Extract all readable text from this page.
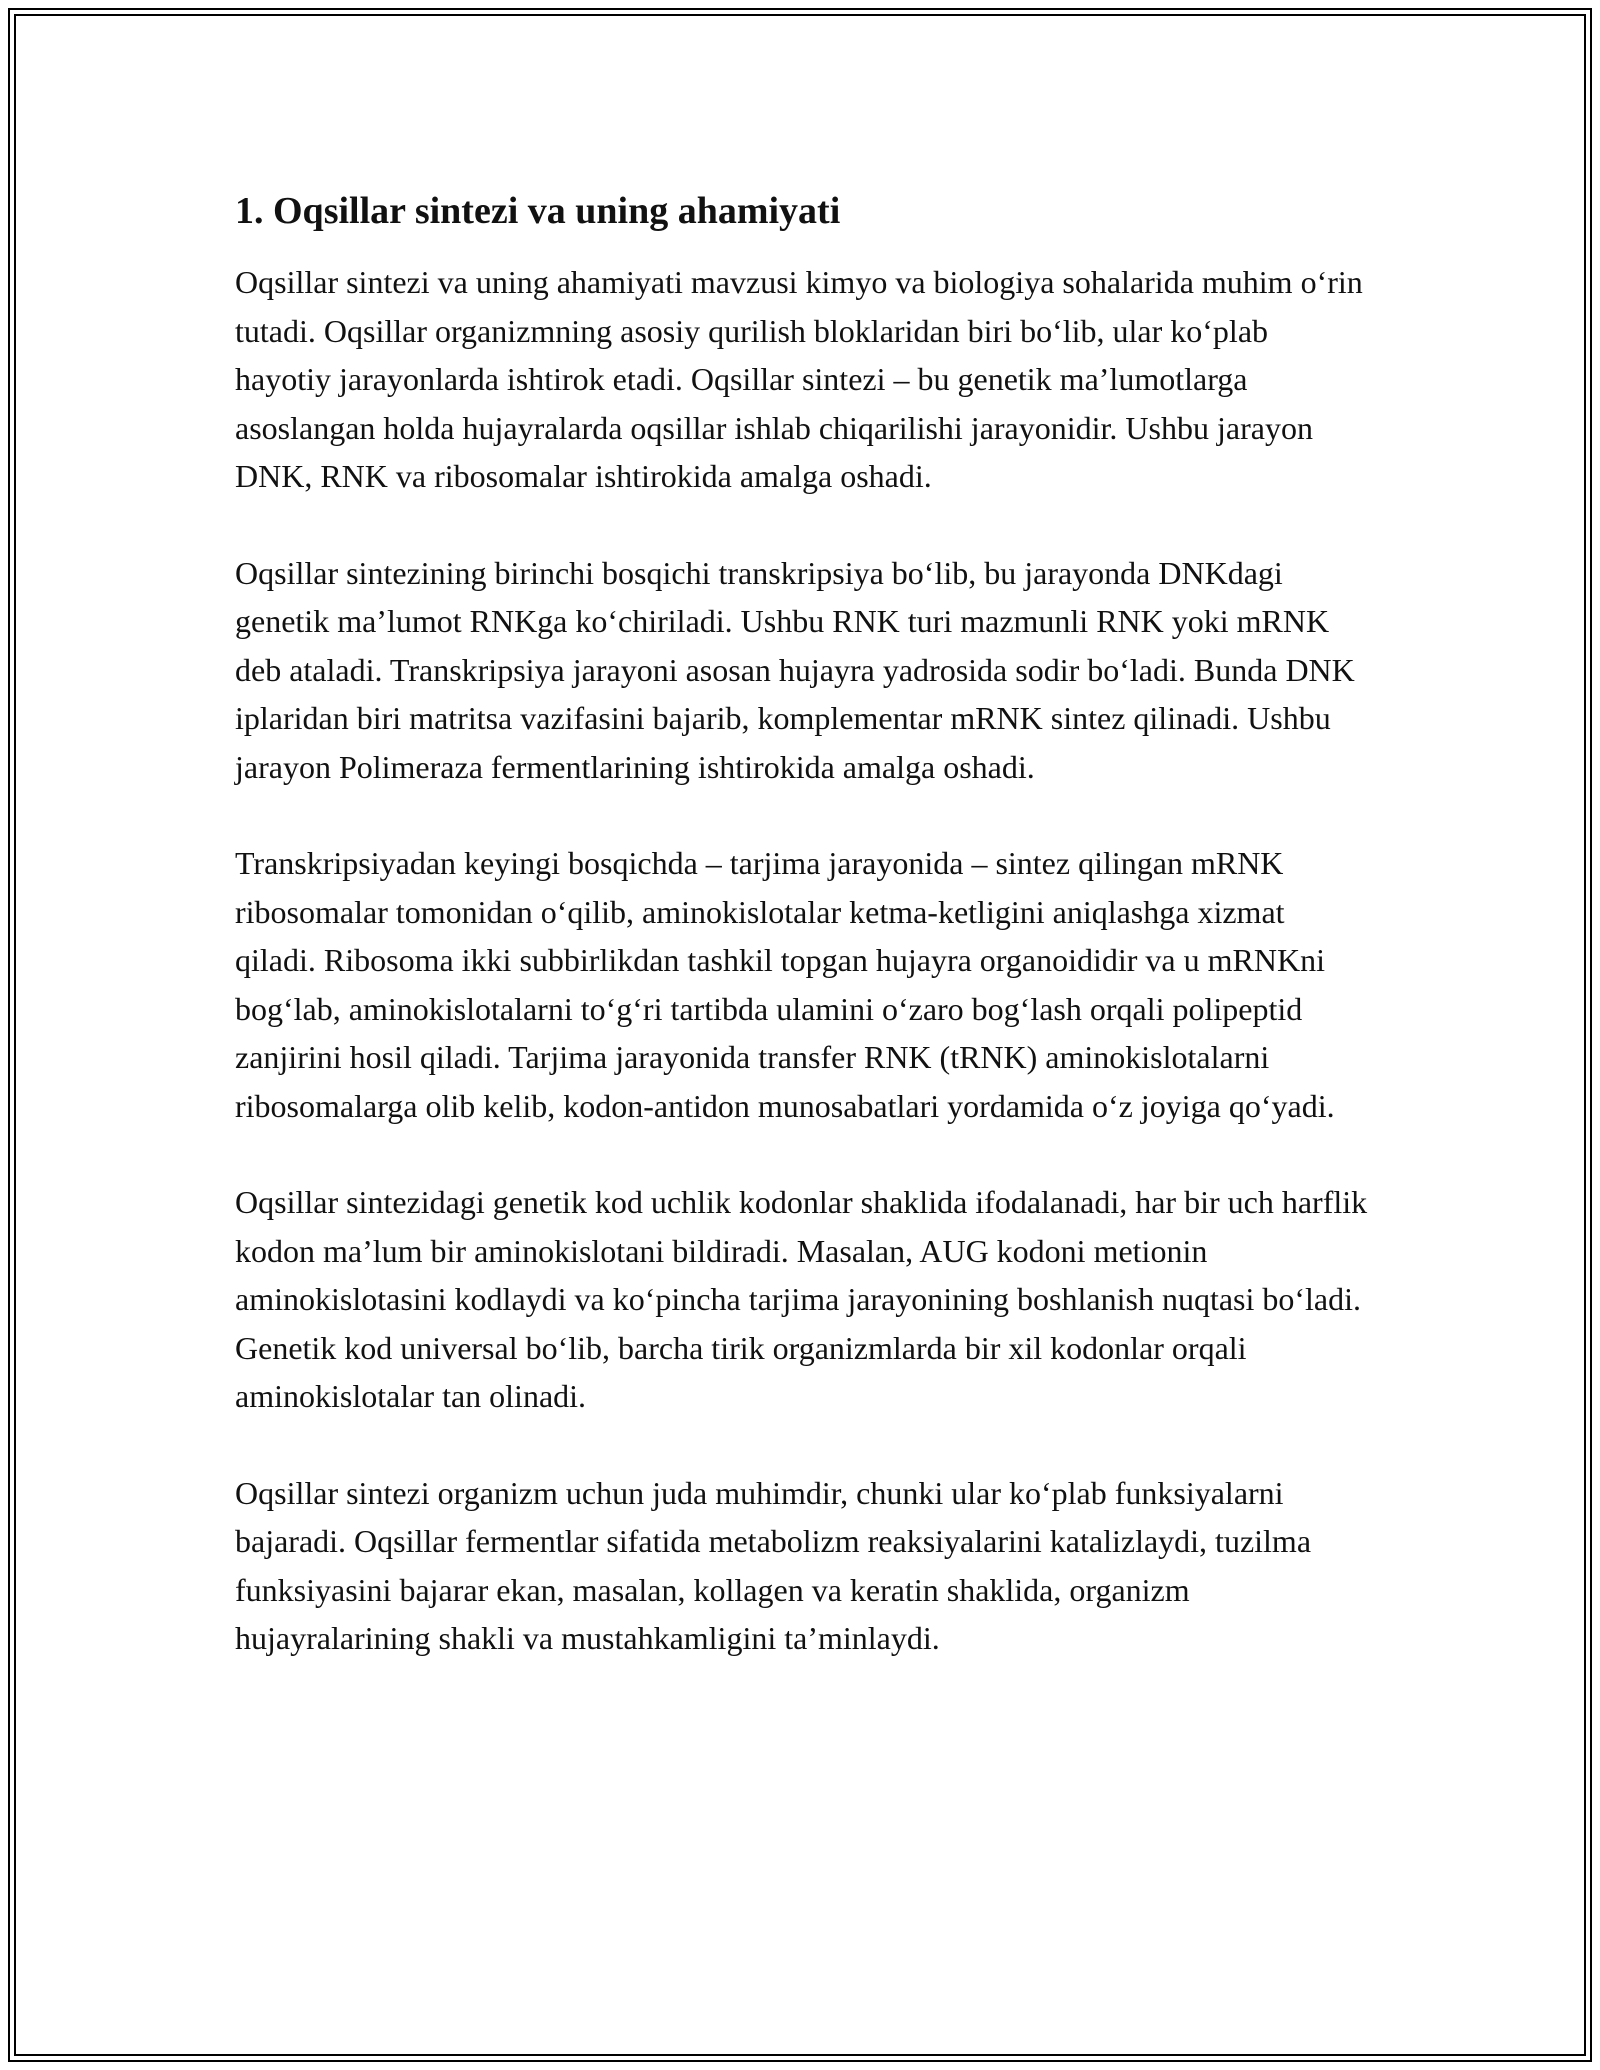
1. Oqsillar sintezi va uning ahamiyati

Oqsillar sintezi va uning ahamiyati mavzusi kimyo va biologiya sohalarida muhim o‘rin tutadi. Oqsillar organizmning asosiy qurilish bloklaridan biri bo‘lib, ular ko‘plab hayotiy jarayonlarda ishtirok etadi. Oqsillar sintezi – bu genetik ma’lumotlarga asoslangan holda hujayralarda oqsillar ishlab chiqarilishi jarayonidir. Ushbu jarayon DNK, RNK va ribosomalar ishtirokida amalga oshadi.

Oqsillar sintezining birinchi bosqichi transkripsiya bo‘lib, bu jarayonda DNKdagi genetik ma’lumot RNKga ko‘chiriladi. Ushbu RNK turi mazmunli RNK yoki mRNK deb ataladi. Transkripsiya jarayoni asosan hujayra yadrosida sodir bo‘ladi. Bunda DNK iplaridan biri matritsa vazifasini bajarib, komplementar mRNK sintez qilinadi. Ushbu jarayon Polimeraza fermentlarining ishtirokida amalga oshadi.

Transkripsiyadan keyingi bosqichda – tarjima jarayonida – sintez qilingan mRNK ribosomalar tomonidan o‘qilib, aminokislotalar ketma-ketligini aniqlashga xizmat qiladi. Ribosoma ikki subbirlikdan tashkil topgan hujayra organoididir va u mRNKni bog‘lab, aminokislotalarni to‘g‘ri tartibda ulamini o‘zaro bog‘lash orqali polipeptid zanjirini hosil qiladi. Tarjima jarayonida transfer RNK (tRNK) aminokislotalarni ribosomalarga olib kelib, kodon-antidon munosabatlari yordamida o‘z joyiga qo‘yadi.

Oqsillar sintezidagi genetik kod uchlik kodonlar shaklida ifodalanadi, har bir uch harflik kodon ma’lum bir aminokislotani bildiradi. Masalan, AUG kodoni metionin aminokislotasini kodlaydi va ko‘pincha tarjima jarayonining boshlanish nuqtasi bo‘ladi. Genetik kod universal bo‘lib, barcha tirik organizmlarda bir xil kodonlar orqali aminokislotalar tan olinadi.

Oqsillar sintezi organizm uchun juda muhimdir, chunki ular ko‘plab funksiyalarni bajaradi. Oqsillar fermentlar sifatida metabolizm reaksiyalarini katalizlaydi, tuzilma funksiyasini bajarar ekan, masalan, kollagen va keratin shaklida, organizm hujayralarining shakli va mustahkamligini ta’minlaydi.
